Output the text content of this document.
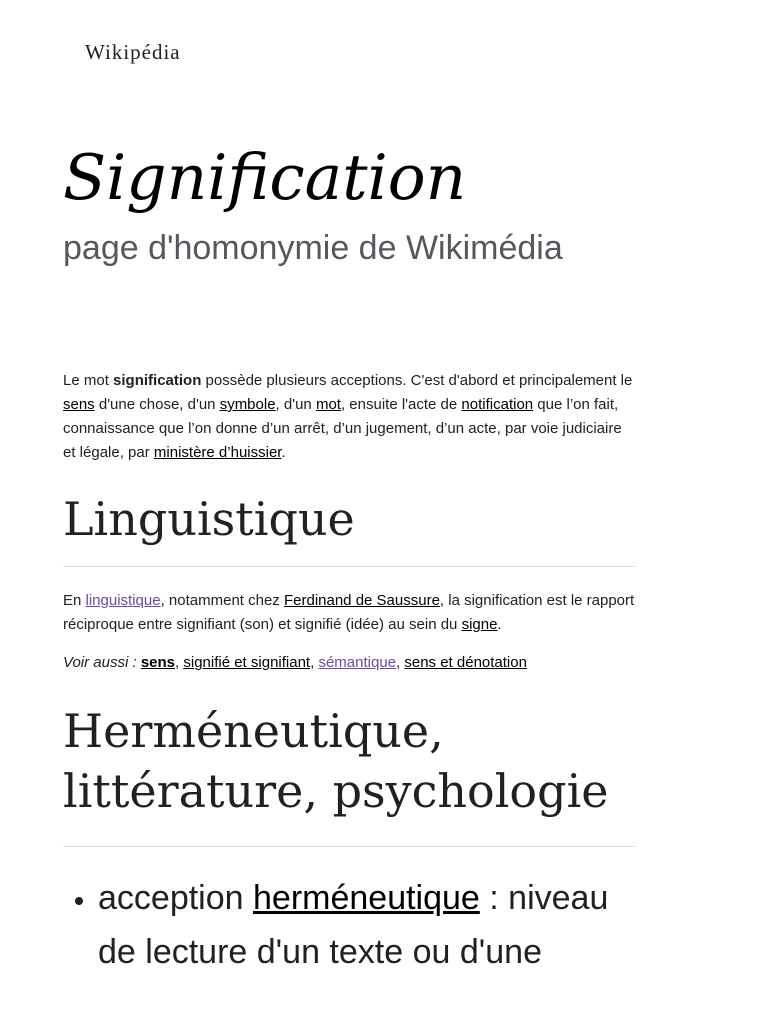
Wikipédia
Signification
page d'homonymie de Wikimédia

Le mot signification possède plusieurs acceptions. C'est d'abord et principalement le sens d'une chose, d'un symbole, d'un mot, ensuite l'acte de notification que l’on fait, connaissance que l’on donne d’un arrêt, d’un jugement, d’un acte, par voie judiciaire et légale, par ministère d’huissier.

Linguistique

En linguistique, notamment chez Ferdinand de Saussure, la signification est le rapport réciproque entre signifiant (son) et signifié (idée) au sein du signe.

Voir aussi : sens, signifié et signifiant, sémantique, sens et dénotation

Herméneutique, littérature, psychologie
• acception herméneutique : niveau de lecture d'un texte ou d'une
